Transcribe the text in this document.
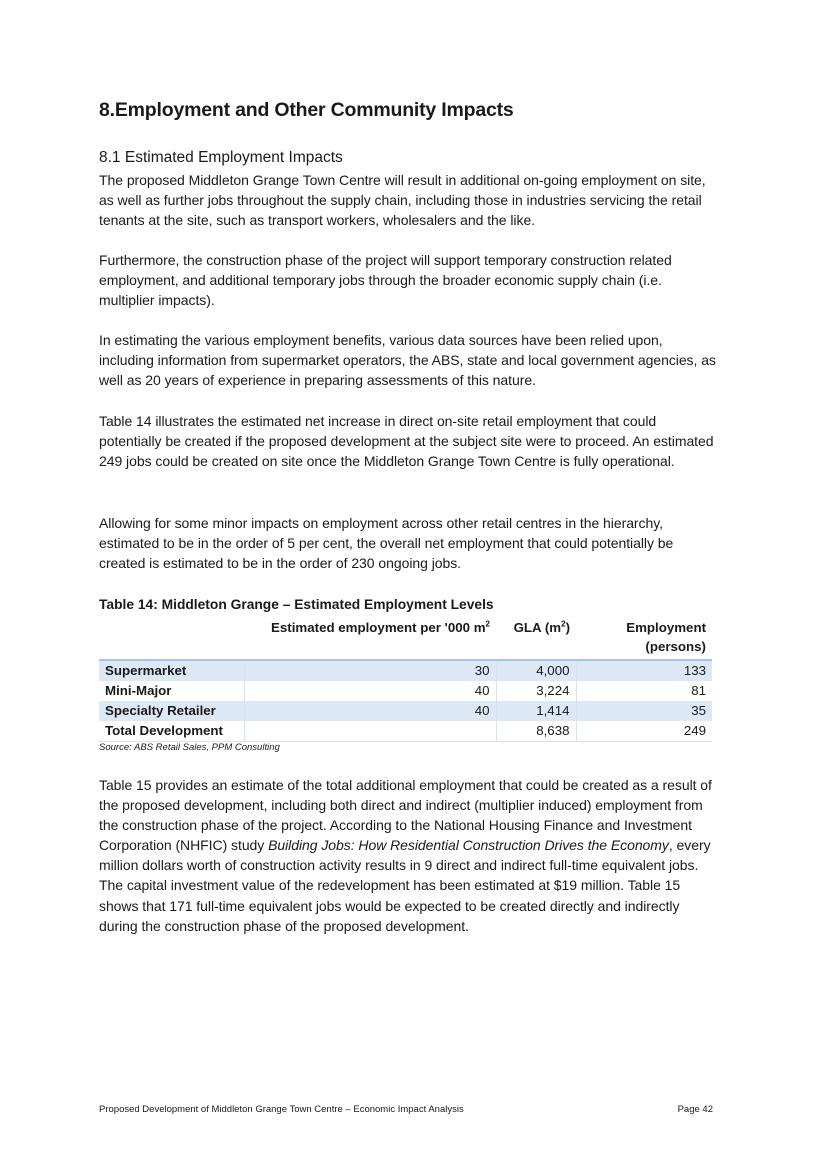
8.Employment and Other Community Impacts
8.1 Estimated Employment Impacts

The proposed Middleton Grange Town Centre will result in additional on-going employment on site, as well as further jobs throughout the supply chain, including those in industries servicing the retail tenants at the site, such as transport workers, wholesalers and the like.

Furthermore, the construction phase of the project will support temporary construction related employment, and additional temporary jobs through the broader economic supply chain (i.e. multiplier impacts).

In estimating the various employment benefits, various data sources have been relied upon, including information from supermarket operators, the ABS, state and local government agencies, as well as 20 years of experience in preparing assessments of this nature.

Table 14 illustrates the estimated net increase in direct on-site retail employment that could potentially be created if the proposed development at the subject site were to proceed. An estimated 249 jobs could be created on site once the Middleton Grange Town Centre is fully operational.

Allowing for some minor impacts on employment across other retail centres in the hierarchy, estimated to be in the order of 5 per cent, the overall net employment that could potentially be created is estimated to be in the order of 230 ongoing jobs.

Table 14: Middleton Grange – Estimated Employment Levels

	Estimated employment per '000 $m^2$	GLA $(m^2)$	Employment
(persons)
Supermarket	30	4,000	133
Mini-Major	40	3,224	81
Specialty Retailer	40	1,414	35
Total Development		8,638	249

Source: ABS Retail Sales, PPM Consulting

Table 15 provides an estimate of the total additional employment that could be created as a result of the proposed development, including both direct and indirect (multiplier induced) employment from the construction phase of the project. According to the National Housing Finance and Investment Corporation (NHFIC) study Building Jobs: How Residential Construction Drives the Economy, every million dollars worth of construction activity results in 9 direct and indirect full-time equivalent jobs. The capital investment value of the redevelopment has been estimated at $19 million. Table 15 shows that 171 full-time equivalent jobs would be expected to be created directly and indirectly during the construction phase of the proposed development.

Proposed Development of Middleton Grange Town Centre – Economic Impact Analysis	Page 42
